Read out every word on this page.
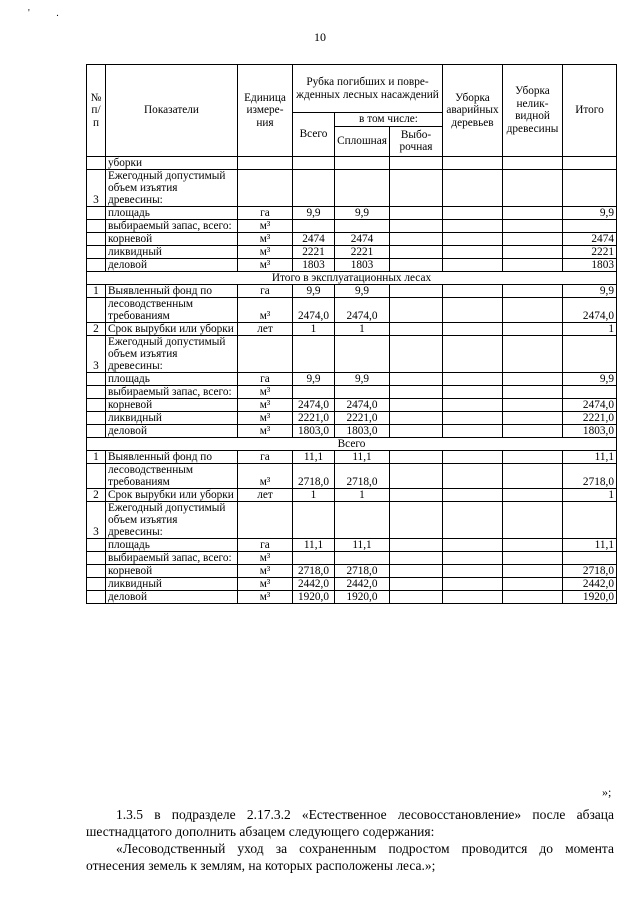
' .
10
№ п/п	Показатели	Единица измерения	Рубка погибших и поврежденных лесных насаждений			Уборка аварийных деревьев	Уборка неликвидной древесины	Итого
			Всего	в том числе:				
				Сплошная	Выборочная			
	уборки							
3	Ежегодный допустимый объем изъятия древесины:							
	площадь	га	9,9	9,9				9,9
	выбираемый запас, всего:	м³						
	корневой	м³	2474	2474				2474
	ликвидный	м³	2221	2221				2221
	деловой	м³	1803	1803				1803
Итого в эксплуатационных лесах								
1	Выявленный фонд по	га	9,9	9,9				9,9
	лесоводственным требованиям	м³	2474,0	2474,0				2474,0
2	Срок вырубки или уборки	лет	1	1				1
3	Ежегодный допустимый объем изъятия древесины:							
	площадь	га	9,9	9,9				9,9
	выбираемый запас, всего:	м³						
	корневой	м³	2474,0	2474,0				2474,0
	ликвидный	м³	2221,0	2221,0				2221,0
	деловой	м³	1803,0	1803,0				1803,0
Всего								
1	Выявленный фонд по	га	11,1	11,1				11,1
	лесоводственным требованиям	м³	2718,0	2718,0				2718,0
2	Срок вырубки или уборки	лет	1	1				1
3	Ежегодный допустимый объем изъятия древесины:							
	площадь	га	11,1	11,1				11,1
	выбираемый запас, всего:	м³						
	корневой	м³	2718,0	2718,0				2718,0
	ликвидный	м³	2442,0	2442,0				2442,0
	деловой	м³	1920,0	1920,0				1920,0
»;
1.3.5 в подразделе 2.17.3.2 «Естественное лесовосстановление» после абзаца шестнадцатого дополнить абзацем следующего содержания:
«Лесоводственный уход за сохраненным подростом проводится до момента отнесения земель к землям, на которых расположены леса.»;
